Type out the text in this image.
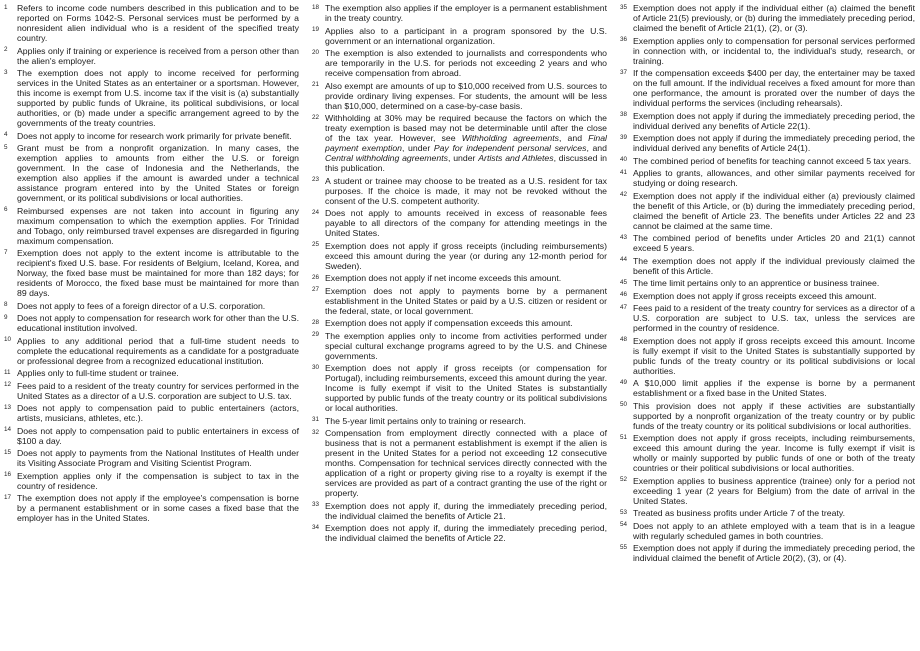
1	Refers to income code numbers described in this publication and to be reported on Forms 1042-S. Personal services must be performed by a nonresident alien individual who is a resident of the specified treaty country.
2	Applies only if training or experience is received from a person other than the alien's employer.
3	The exemption does not apply to income received for performing services in the United States as an entertainer or a sportsman. However, this income is exempt from U.S. income tax if the visit is (a) substantially supported by public funds of Ukraine, its political subdivisions, or local authorities, or (b) made under a specific arrangement agreed to by the governments of the treaty countries.
4	Does not apply to income for research work primarily for private benefit.
5	Grant must be from a nonprofit organization. In many cases, the exemption applies to amounts from either the U.S. or foreign government. In the case of Indonesia and the Netherlands, the exemption also applies if the amount is awarded under a technical assistance program entered into by the United States or foreign government, or its political subdivisions or local authorities.
6	Reimbursed expenses are not taken into account in figuring any maximum compensation to which the exemption applies. For Trinidad and Tobago, only reimbursed travel expenses are disregarded in figuring maximum compensation.
7	Exemption does not apply to the extent income is attributable to the recipient's fixed U.S. base. For residents of Belgium, Iceland, Korea, and Norway, the fixed base must be maintained for more than 182 days; for residents of Morocco, the fixed base must be maintained for more than 89 days.
8	Does not apply to fees of a foreign director of a U.S. corporation.
9	Does not apply to compensation for research work for other than the U.S. educational institution involved.
10 Applies to any additional period that a full-time student needs to complete the educational requirements as a candidate for a postgraduate or professional degree from a recognized educational institution.
11 Applies only to full-time student or trainee.
12 Fees paid to a resident of the treaty country for services performed in the United States as a director of a U.S. corporation are subject to U.S. tax.
13 Does not apply to compensation paid to public entertainers (actors, artists, musicians, athletes, etc.).
14 Does not apply to compensation paid to public entertainers in excess of $100 a day.
15 Does not apply to payments from the National Institutes of Health under its Visiting Associate Program and Visiting Scientist Program.
16 Exemption applies only if the compensation is subject to tax in the country of residence.
17 The exemption does not apply if the employee's compensation is borne by a permanent establishment or in some cases a fixed base that the employer has in the United States.
18 The exemption also applies if the employer is a permanent establishment in the treaty country.
19 Applies also to a participant in a program sponsored by the U.S. government or an international organization.
20 The exemption is also extended to journalists and correspondents who are temporarily in the U.S. for periods not exceeding 2 years and who receive compensation from abroad.
21 Also exempt are amounts of up to $10,000 received from U.S. sources to provide ordinary living expenses. For students, the amount will be less than $10,000, determined on a case-by-case basis.
22 Withholding at 30% may be required because the factors on which the treaty exemption is based may not be determinable until after the close of the tax year. However, see Withholding agreements, and Final payment exemption, under Pay for independent personal services, and Central withholding agreements, under Artists and Athletes, discussed in this publication.
23 A student or trainee may choose to be treated as a U.S. resident for tax purposes. If the choice is made, it may not be revoked without the consent of the U.S. competent authority.
24 Does not apply to amounts received in excess of reasonable fees payable to all directors of the company for attending meetings in the United States.
25 Exemption does not apply if gross receipts (including reimbursements) exceed this amount during the year (or during any 12-month period for Sweden).
26 Exemption does not apply if net income exceeds this amount.
27 Exemption does not apply to payments borne by a permanent establishment in the United States or paid by a U.S. citizen or resident or the federal, state, or local government.
28 Exemption does not apply if compensation exceeds this amount.
29 The exemption applies only to income from activities performed under special cultural exchange programs agreed to by the U.S. and Chinese governments.
30 Exemption does not apply if gross receipts (or compensation for Portugal), including reimbursements, exceed this amount during the year. Income is fully exempt if visit to the United States is substantially supported by public funds of the treaty country or its political subdivisions or local authorities.
31 The 5-year limit pertains only to training or research.
32 Compensation from employment directly connected with a place of business that is not a permanent establishment is exempt if the alien is present in the United States for a period not exceeding 12 consecutive months. Compensation for technical services directly connected with the application of a right or property giving rise to a royalty is exempt if the services are provided as part of a contract granting the use of the right or property.
33 Exemption does not apply if, during the immediately preceding period, the individual claimed the benefits of Article 21.
34 Exemption does not apply if, during the immediately preceding period, the individual claimed the benefits of Article 22.
35 Exemption does not apply if the individual either (a) claimed the benefit of Article 21(5) previously, or (b) during the immediately preceding period, claimed the benefit of Article 21(1), (2), or (3).
36 Exemption applies only to compensation for personal services performed in connection with, or incidental to, the individual's study, research, or training.
37 If the compensation exceeds $400 per day, the entertainer may be taxed on the full amount. If the individual receives a fixed amount for more than one performance, the amount is prorated over the number of days the individual performs the services (including rehearsals).
38 Exemption does not apply if during the immediately preceding period, the individual derived any benefits of Article 22(1).
39 Exemption does not apply if during the immediately preceding period, the individual derived any benefits of Article 24(1).
40 The combined period of benefits for teaching cannot exceed 5 tax years.
41 Applies to grants, allowances, and other similar payments received for studying or doing research.
42 Exemption does not apply if the individual either (a) previously claimed the benefit of this Article, or (b) during the immediately preceding period, claimed the benefit of Article 23. The benefits under Articles 22 and 23 cannot be claimed at the same time.
43 The combined period of benefits under Articles 20 and 21(1) cannot exceed 5 years.
44 The exemption does not apply if the individual previously claimed the benefit of this Article.
45 The time limit pertains only to an apprentice or business trainee.
46 Exemption does not apply if gross receipts exceed this amount.
47 Fees paid to a resident of the treaty country for services as a director of a U.S. corporation are subject to U.S. tax, unless the services are performed in the country of residence.
48 Exemption does not apply if gross receipts exceed this amount. Income is fully exempt if visit to the United States is substantially supported by public funds of the treaty country or its political subdivisions or local authorities.
49 A $10,000 limit applies if the expense is borne by a permanent establishment or a fixed base in the United States.
50 This provision does not apply if these activities are substantially supported by a nonprofit organization of the treaty country or by public funds of the treaty country or its political subdivisions or local authorities.
51 Exemption does not apply if gross receipts, including reimbursements, exceed this amount during the year. Income is fully exempt if visit is wholly or mainly supported by public funds of one or both of the treaty countries or their political subdivisions or local authorities.
52 Exemption applies to business apprentice (trainee) only for a period not exceeding 1 year (2 years for Belgium) from the date of arrival in the United States.
53 Treated as business profits under Article 7 of the treaty.
54 Does not apply to an athlete employed with a team that is in a league with regularly scheduled games in both countries.
55 Exemption does not apply if during the immediately preceding period, the individual claimed the benefit of Article 20(2), (3), or (4).
